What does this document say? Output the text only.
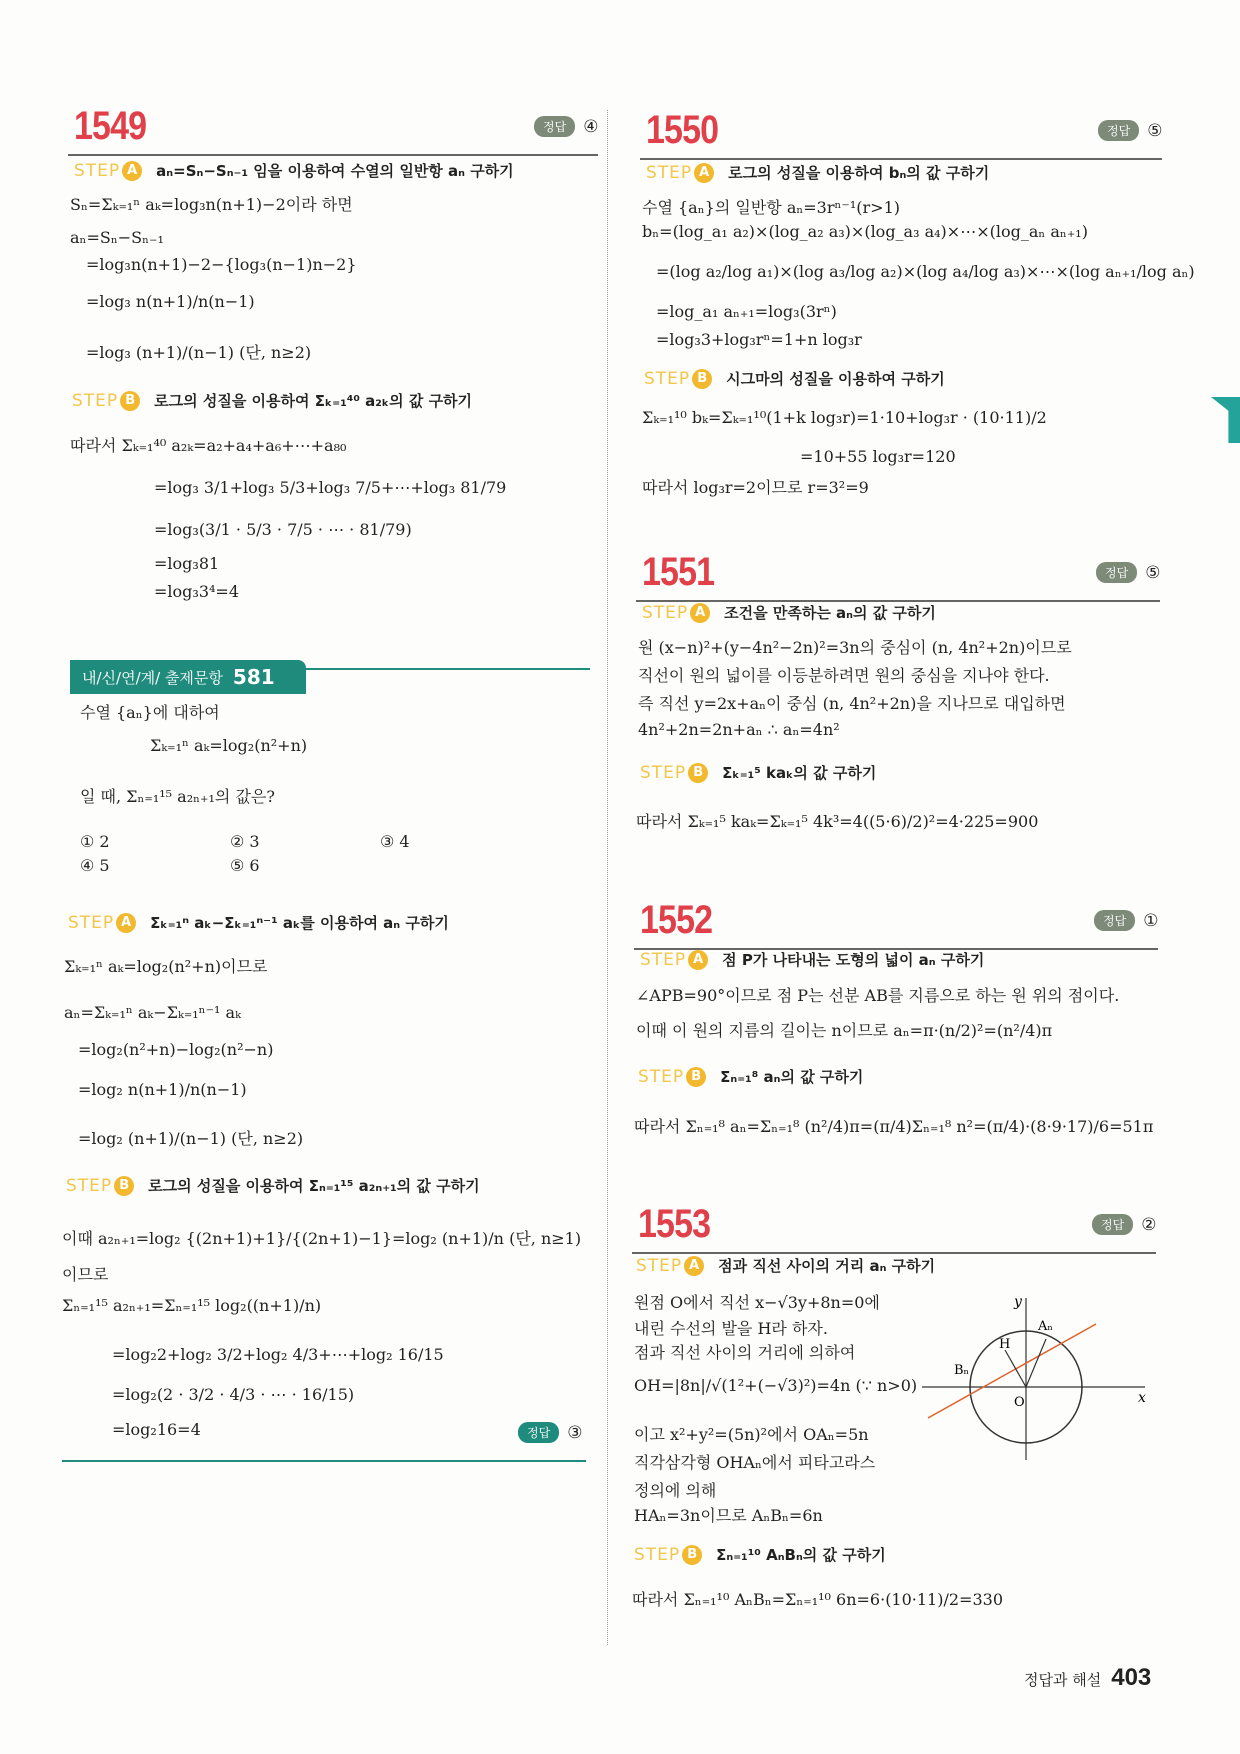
내/신/연/계/ 출제문항 581
1549	정답	④
STEP A	aₙ=Sₙ−Sₙ₋₁ 임을 이용하여 수열의 일반항 aₙ 구하기
Sₙ=Σₖ₌₁ⁿ aₖ=log₃n(n+1)−2이라 하면
aₙ=Sₙ−Sₙ₋₁
=log₃n(n+1)−2−{log₃(n−1)n−2}
=log₃ n(n+1)/n(n−1)
=log₃ (n+1)/(n−1) (단, n≥2)
STEP B	로그의 성질을 이용하여 Σₖ₌₁⁴⁰ a₂ₖ의 값 구하기
따라서 Σₖ₌₁⁴⁰ a₂ₖ=a₂+a₄+a₆+⋯+a₈₀
=log₃ 3/1+log₃ 5/3+log₃ 7/5+⋯+log₃ 81/79
=log₃(3/1 · 5/3 · 7/5 · ⋯ · 81/79)
=log₃81
=log₃3⁴=4
수열 {aₙ}에 대하여
Σₖ₌₁ⁿ aₖ=log₂(n²+n)
일 때, Σₙ₌₁¹⁵ a₂ₙ₊₁의 값은?
① 2	② 3	③ 4
④ 5	⑤ 6
STEP A	Σₖ₌₁ⁿ aₖ−Σₖ₌₁ⁿ⁻¹ aₖ를 이용하여 aₙ 구하기
Σₖ₌₁ⁿ aₖ=log₂(n²+n)이므로
aₙ=Σₖ₌₁ⁿ aₖ−Σₖ₌₁ⁿ⁻¹ aₖ
=log₂(n²+n)−log₂(n²−n)
=log₂ n(n+1)/n(n−1)
=log₂ (n+1)/(n−1) (단, n≥2)
STEP B	로그의 성질을 이용하여 Σₙ₌₁¹⁵ a₂ₙ₊₁의 값 구하기
이때 a₂ₙ₊₁=log₂ {(2n+1)+1}/{(2n+1)−1}=log₂ (n+1)/n (단, n≥1)
이므로
Σₙ₌₁¹⁵ a₂ₙ₊₁=Σₙ₌₁¹⁵ log₂((n+1)/n)
=log₂2+log₂ 3/2+log₂ 4/3+⋯+log₂ 16/15
=log₂(2 · 3/2 · 4/3 · ⋯ · 16/15)
=log₂16=4	정답	③
1550	정답	⑤
STEP A	로그의 성질을 이용하여 bₙ의 값 구하기
수열 {aₙ}의 일반항 aₙ=3rⁿ⁻¹(r>1)
bₙ=(log_a₁ a₂)×(log_a₂ a₃)×(log_a₃ a₄)×⋯×(log_aₙ aₙ₊₁)
=(log a₂/log a₁)×(log a₃/log a₂)×(log a₄/log a₃)×⋯×(log aₙ₊₁/log aₙ)
=log_a₁ aₙ₊₁=log₃(3rⁿ)
=log₃3+log₃rⁿ=1+n log₃r
STEP B	시그마의 성질을 이용하여 구하기
Σₖ₌₁¹⁰ bₖ=Σₖ₌₁¹⁰(1+k log₃r)=1·10+log₃r · (10·11)/2
=10+55 log₃r=120
따라서 log₃r=2이므로 r=3²=9
1551	정답	⑤
STEP A	조건을 만족하는 aₙ의 값 구하기
원 (x−n)²+(y−4n²−2n)²=3n의 중심이 (n, 4n²+2n)이므로
직선이 원의 넓이를 이등분하려면 원의 중심을 지나야 한다.
즉 직선 y=2x+aₙ이 중심 (n, 4n²+2n)을 지나므로 대입하면
4n²+2n=2n+aₙ ∴ aₙ=4n²
STEP B	Σₖ₌₁⁵ kaₖ의 값 구하기
따라서 Σₖ₌₁⁵ kaₖ=Σₖ₌₁⁵ 4k³=4((5·6)/2)²=4·225=900
1552	정답	①
STEP A	점 P가 나타내는 도형의 넓이 aₙ 구하기
∠APB=90°이므로 점 P는 선분 AB를 지름으로 하는 원 위의 점이다.
이때 이 원의 지름의 길이는 n이므로 aₙ=π·(n/2)²=(n²/4)π
STEP B	Σₙ₌₁⁸ aₙ의 값 구하기
따라서 Σₙ₌₁⁸ aₙ=Σₙ₌₁⁸ (n²/4)π=(π/4)Σₙ₌₁⁸ n²=(π/4)·(8·9·17)/6=51π
1553	정답	②
STEP A	점과 직선 사이의 거리 aₙ 구하기
원점 O에서 직선 x−√3y+8n=0에
내린 수선의 발을 H라 하자.
점과 직선 사이의 거리에 의하여
OH=|8n|/√(1²+(−√3)²)=4n (∵ n>0)
이고 x²+y²=(5n)²에서 OAₙ=5n
직각삼각형 OHAₙ에서 피타고라스
정의에 의해
HAₙ=3n이므로 AₙBₙ=6n
STEP B	Σₙ₌₁¹⁰ AₙBₙ의 값 구하기
따라서 Σₙ₌₁¹⁰ AₙBₙ=Σₙ₌₁¹⁰ 6n=6·(10·11)/2=330
x
y
O
H
Aₙ
Bₙ
정답과 해설 403
